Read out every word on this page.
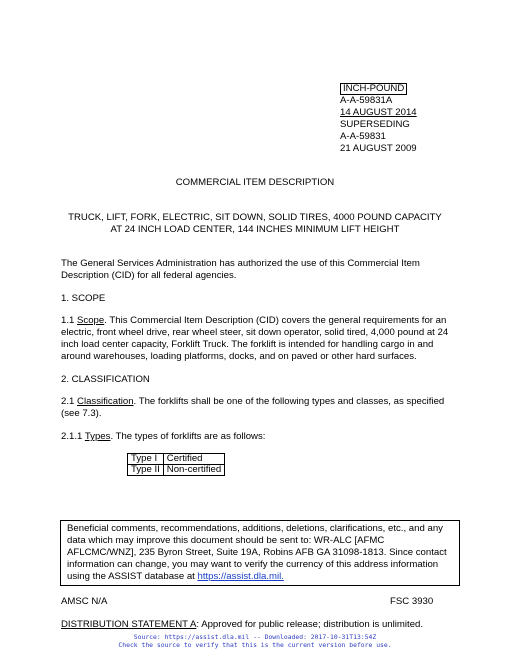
INCH-POUND
A-A-59831A
14 AUGUST 2014
SUPERSEDING
A-A-59831
21 AUGUST 2009
COMMERCIAL ITEM DESCRIPTION
TRUCK, LIFT, FORK, ELECTRIC, SIT DOWN, SOLID TIRES, 4000 POUND CAPACITY
AT 24 INCH LOAD CENTER, 144 INCHES MINIMUM LIFT HEIGHT
The General Services Administration has authorized the use of this Commercial Item Description (CID) for all federal agencies.
1. SCOPE
1.1 Scope. This Commercial Item Description (CID) covers the general requirements for an electric, front wheel drive, rear wheel steer, sit down operator, solid tired, 4,000 pound at 24 inch load center capacity, Forklift Truck. The forklift is intended for handling cargo in and around warehouses, loading platforms, docks, and on paved or other hard surfaces.
2. CLASSIFICATION
2.1 Classification. The forklifts shall be one of the following types and classes, as specified (see 7.3).
2.1.1 Types. The types of forklifts are as follows:
Type I	Certified
Type II	Non-certified
Beneficial comments, recommendations, additions, deletions, clarifications, etc., and any data which may improve this document should be sent to: WR-ALC [AFMC AFLCMC/WNZ], 235 Byron Street, Suite 19A, Robins AFB GA 31098-1813. Since contact information can change, you may want to verify the currency of this address information using the ASSIST database at https://assist.dla.mil.
AMSC N/A	FSC 3930
DISTRIBUTION STATEMENT A: Approved for public release; distribution is unlimited.
Source: https://assist.dla.mil -- Downloaded: 2017-10-31T13:54Z
Check the source to verify that this is the current version before use.
